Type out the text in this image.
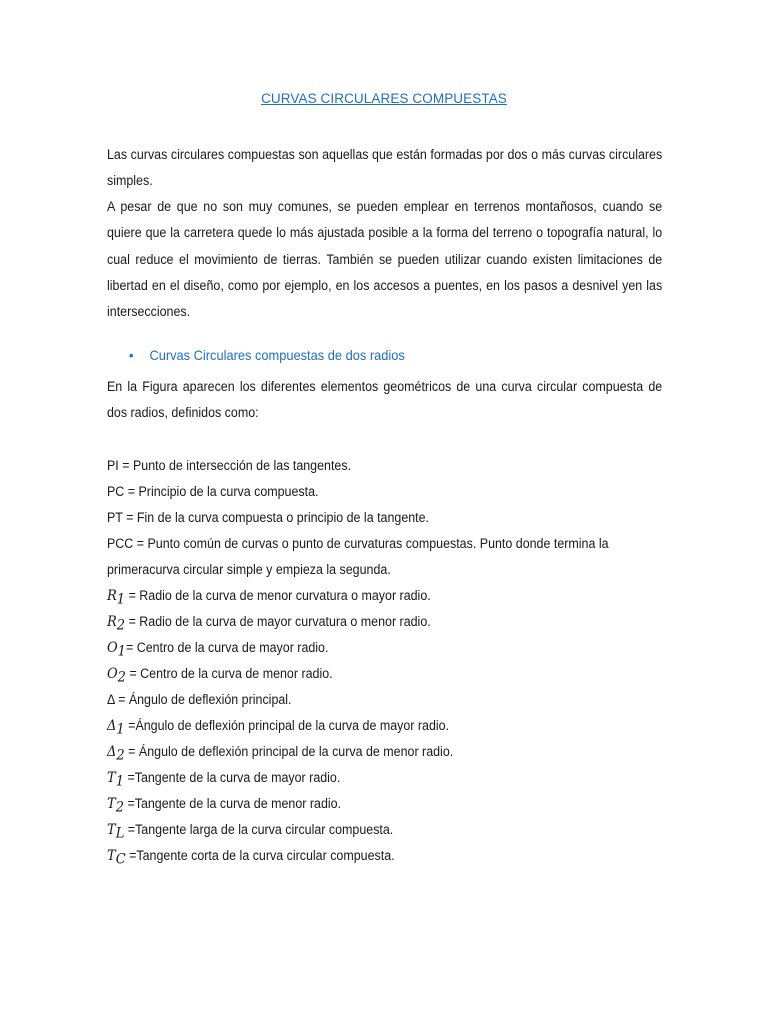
CURVAS CIRCULARES COMPUESTAS
Las curvas circulares compuestas son aquellas que están formadas por dos o más curvas circulares simples.
A pesar de que no son muy comunes, se pueden emplear en terrenos montañosos, cuando se quiere que la carretera quede lo más ajustada posible a la forma del terreno o topografía natural, lo cual reduce el movimiento de tierras. También se pueden utilizar cuando existen limitaciones de libertad en el diseño, como por ejemplo, en los accesos a puentes, en los pasos a desnivel yen las intersecciones.
• Curvas Circulares compuestas de dos radios
En la Figura aparecen los diferentes elementos geométricos de una curva circular compuesta de dos radios, definidos como:
PI = Punto de intersección de las tangentes.
PC = Principio de la curva compuesta.
PT = Fin de la curva compuesta o principio de la tangente.
PCC = Punto común de curvas o punto de curvaturas compuestas. Punto donde termina la primeracurva circular simple y empieza la segunda.
$R_1$ = Radio de la curva de menor curvatura o mayor radio.
$R_2$ = Radio de la curva de mayor curvatura o menor radio.
$O_1=$ Centro de la curva de mayor radio.
$O_2$ = Centro de la curva de menor radio.
Δ = Ángulo de deflexión principal.
$\Delta_1$ =Ángulo de deflexión principal de la curva de mayor radio.
$\Delta_2$ = Ángulo de deflexión principal de la curva de menor radio.
$T_1$ =Tangente de la curva de mayor radio.
$T_2$ =Tangente de la curva de menor radio.
$T_L$ =Tangente larga de la curva circular compuesta.
$T_C$ =Tangente corta de la curva circular compuesta.
